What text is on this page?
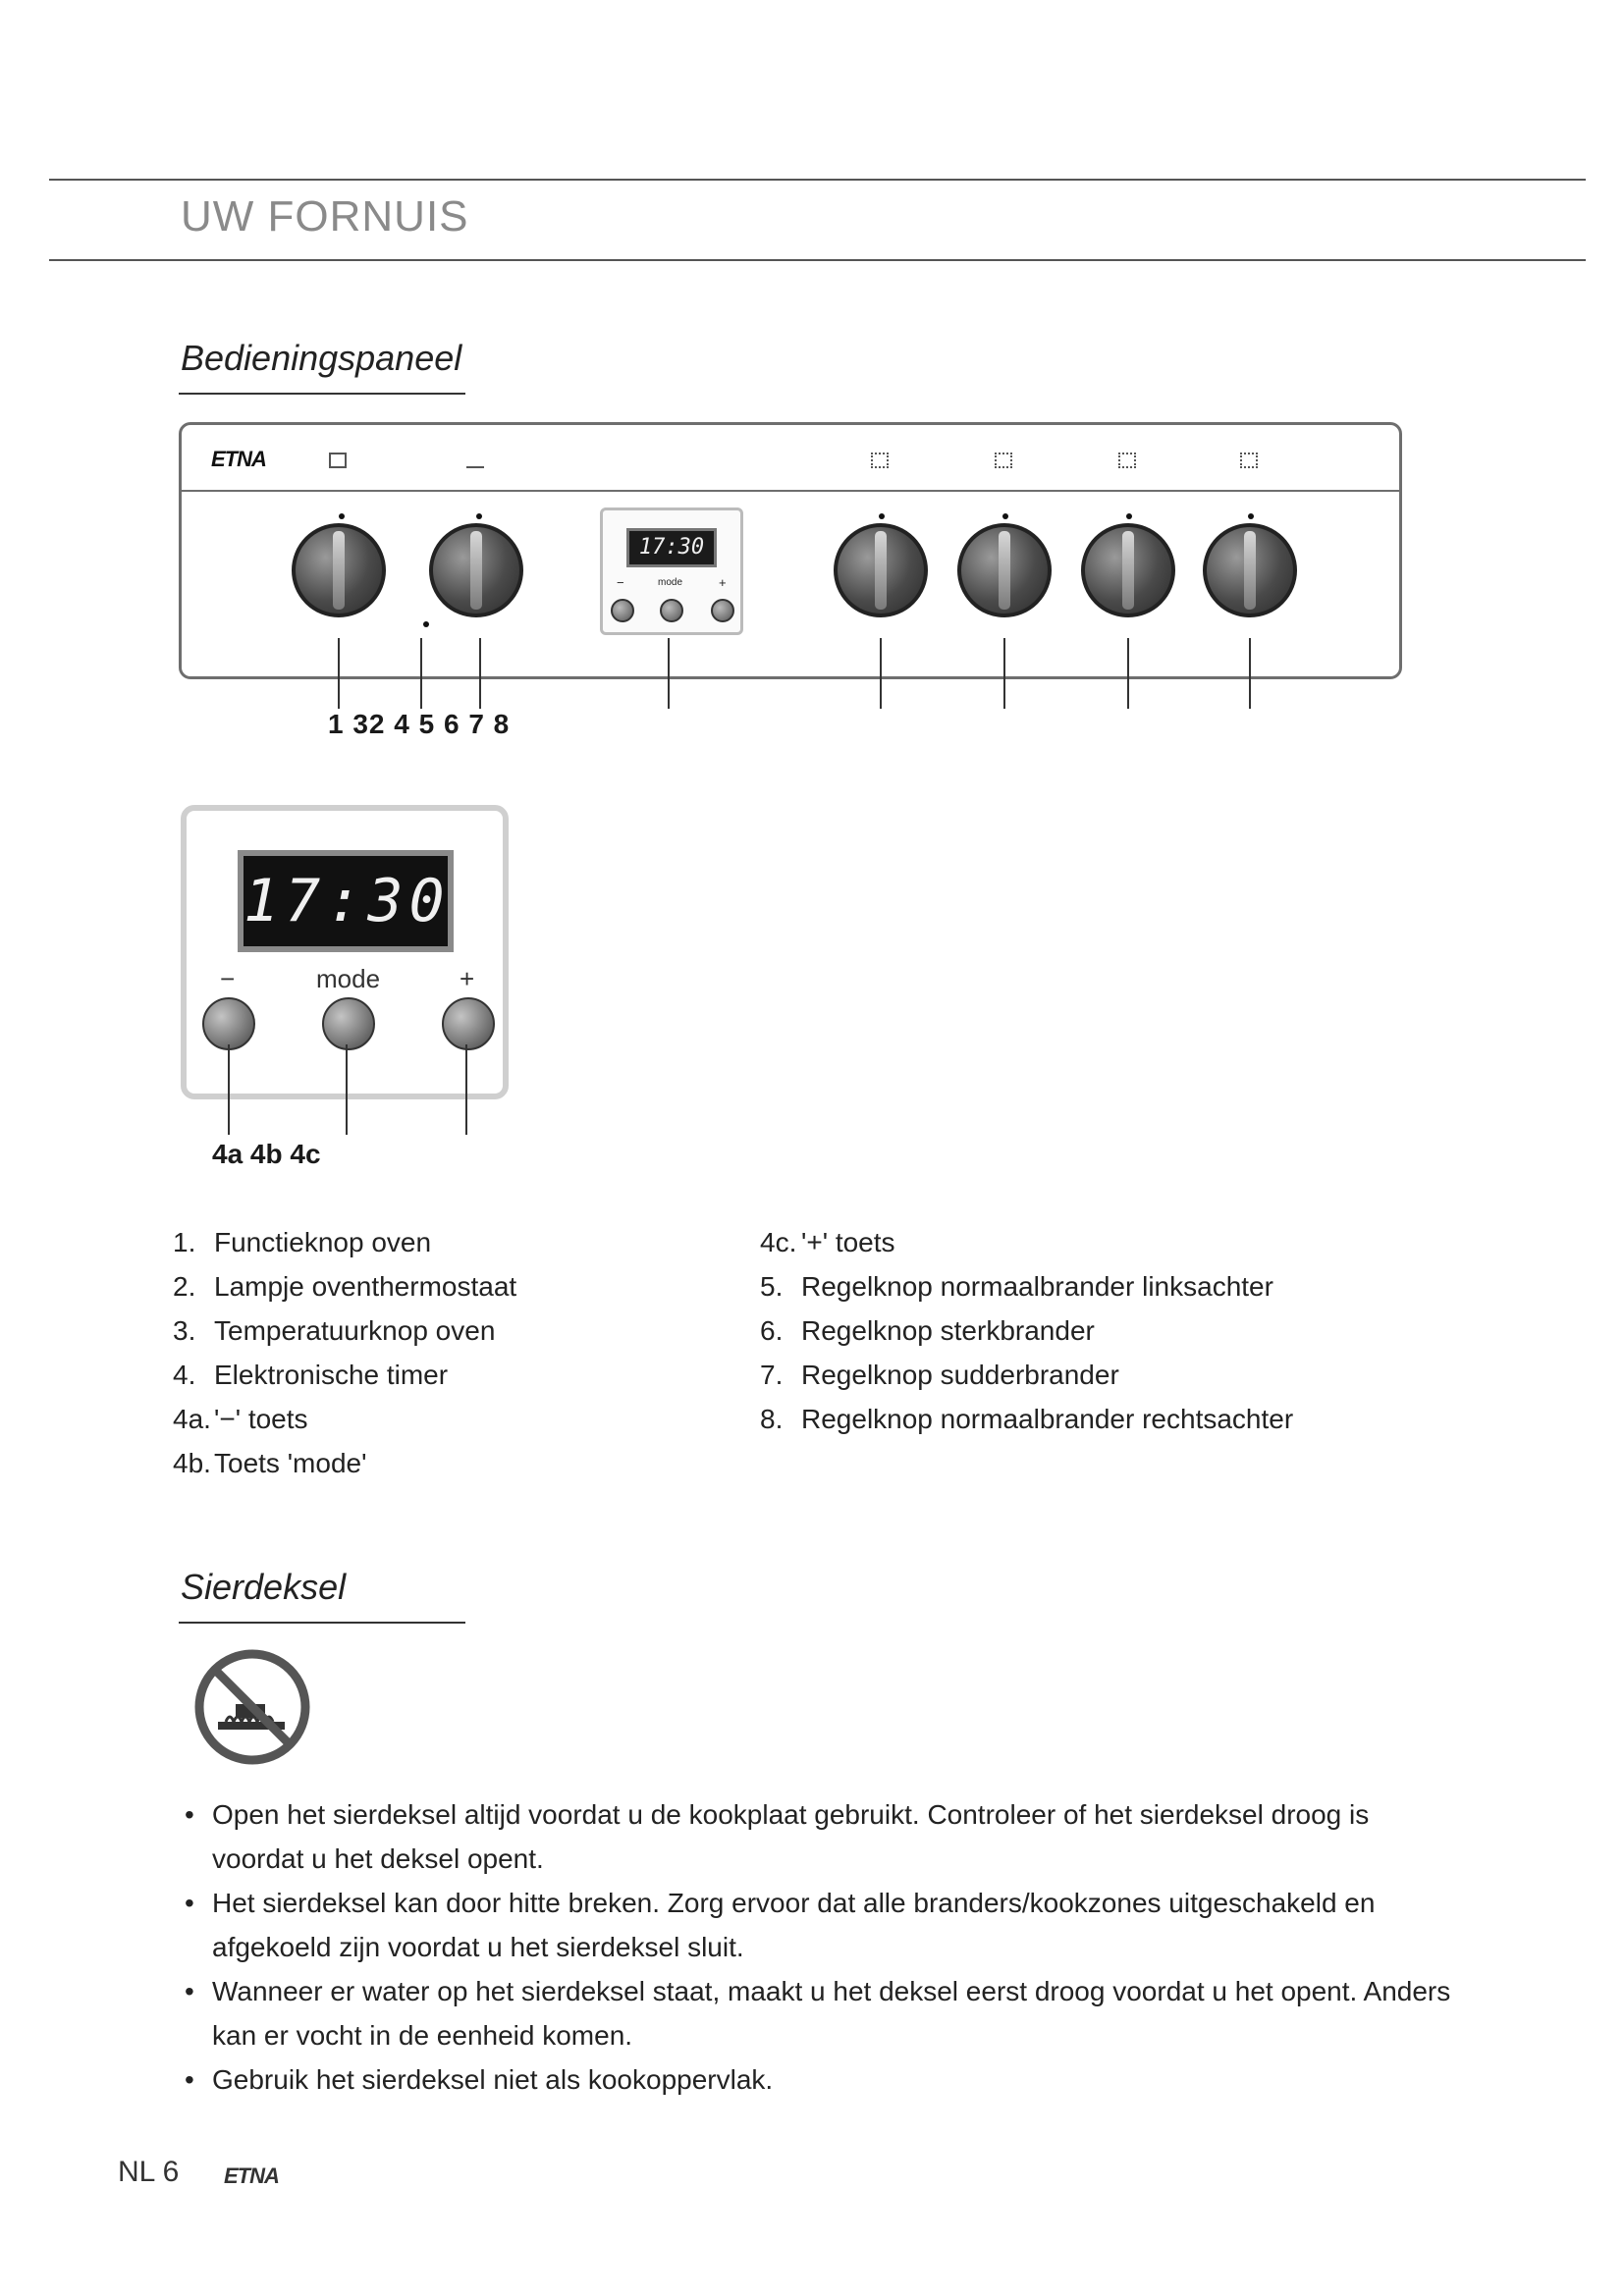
UW FORNUIS
Bedieningspaneel
ETNA
17:30
−	mode	+
1 32 4 5 6 7 8
17:30
−	mode	+
4a 4b 4c
1. Functieknop oven
2. Lampje oventhermostaat
3. Temperatuurknop oven
4. Elektronische timer
4a. '−' toets
4b. Toets 'mode'
4c. '+' toets
5. Regelknop normaalbrander linksachter
6. Regelknop sterkbrander
7. Regelknop sudderbrander
8. Regelknop normaalbrander rechtsachter
Sierdeksel
• Open het sierdeksel altijd voordat u de kookplaat gebruikt. Controleer of het sierdeksel droog is voordat u het deksel opent.
• Het sierdeksel kan door hitte breken. Zorg ervoor dat alle branders/kookzones uitgeschakeld en afgekoeld zijn voordat u het sierdeksel sluit.
• Wanneer er water op het sierdeksel staat, maakt u het deksel eerst droog voordat u het opent. Anders kan er vocht in de eenheid komen.
• Gebruik het sierdeksel niet als kookoppervlak.
NL 6 ETNA
